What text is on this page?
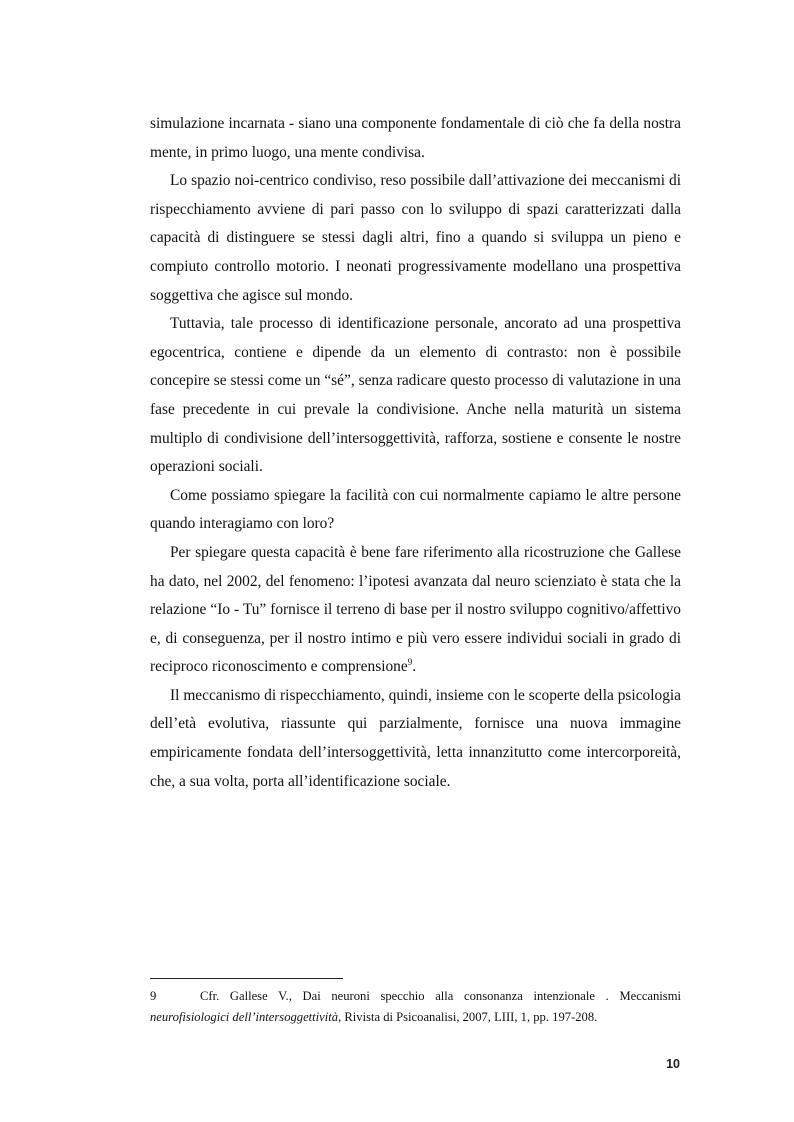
simulazione incarnata - siano una componente fondamentale di ciò che fa della nostra mente, in primo luogo, una mente condivisa.

Lo spazio noi-centrico condiviso, reso possibile dall’attivazione dei meccanismi di rispecchiamento avviene di pari passo con lo sviluppo di spazi caratterizzati dalla capacità di distinguere se stessi dagli altri, fino a quando si sviluppa un pieno e compiuto controllo motorio. I neonati progressivamente modellano una prospettiva soggettiva che agisce sul mondo.

Tuttavia, tale processo di identificazione personale, ancorato ad una prospettiva egocentrica, contiene e dipende da un elemento di contrasto: non è possibile concepire se stessi come un “sé”, senza radicare questo processo di valutazione in una fase precedente in cui prevale la condivisione. Anche nella maturità un sistema multiplo di condivisione dell’intersoggettività, rafforza, sostiene e consente le nostre operazioni sociali.

Come possiamo spiegare la facilità con cui normalmente capiamo le altre persone quando interagiamo con loro?

Per spiegare questa capacità è bene fare riferimento alla ricostruzione che Gallese ha dato, nel 2002, del fenomeno: l’ipotesi avanzata dal neuro scienziato è stata che la relazione “Io - Tu” fornisce il terreno di base per il nostro sviluppo cognitivo/affettivo e, di conseguenza, per il nostro intimo e più vero essere individui sociali in grado di reciproco riconoscimento e comprensione$^9$.

Il meccanismo di rispecchiamento, quindi, insieme con le scoperte della psicologia dell’età evolutiva, riassunte qui parzialmente, fornisce una nuova immagine empiricamente fondata dell’intersoggettività, letta innanzitutto come intercorporeità, che, a sua volta, porta all’identificazione sociale.

9	Cfr. Gallese V., Dai neuroni specchio alla consonanza intenzionale . Meccanismi neurofisiologici dell’intersoggettività, Rivista di Psicoanalisi, 2007, LIII, 1, pp. 197-208.

10
